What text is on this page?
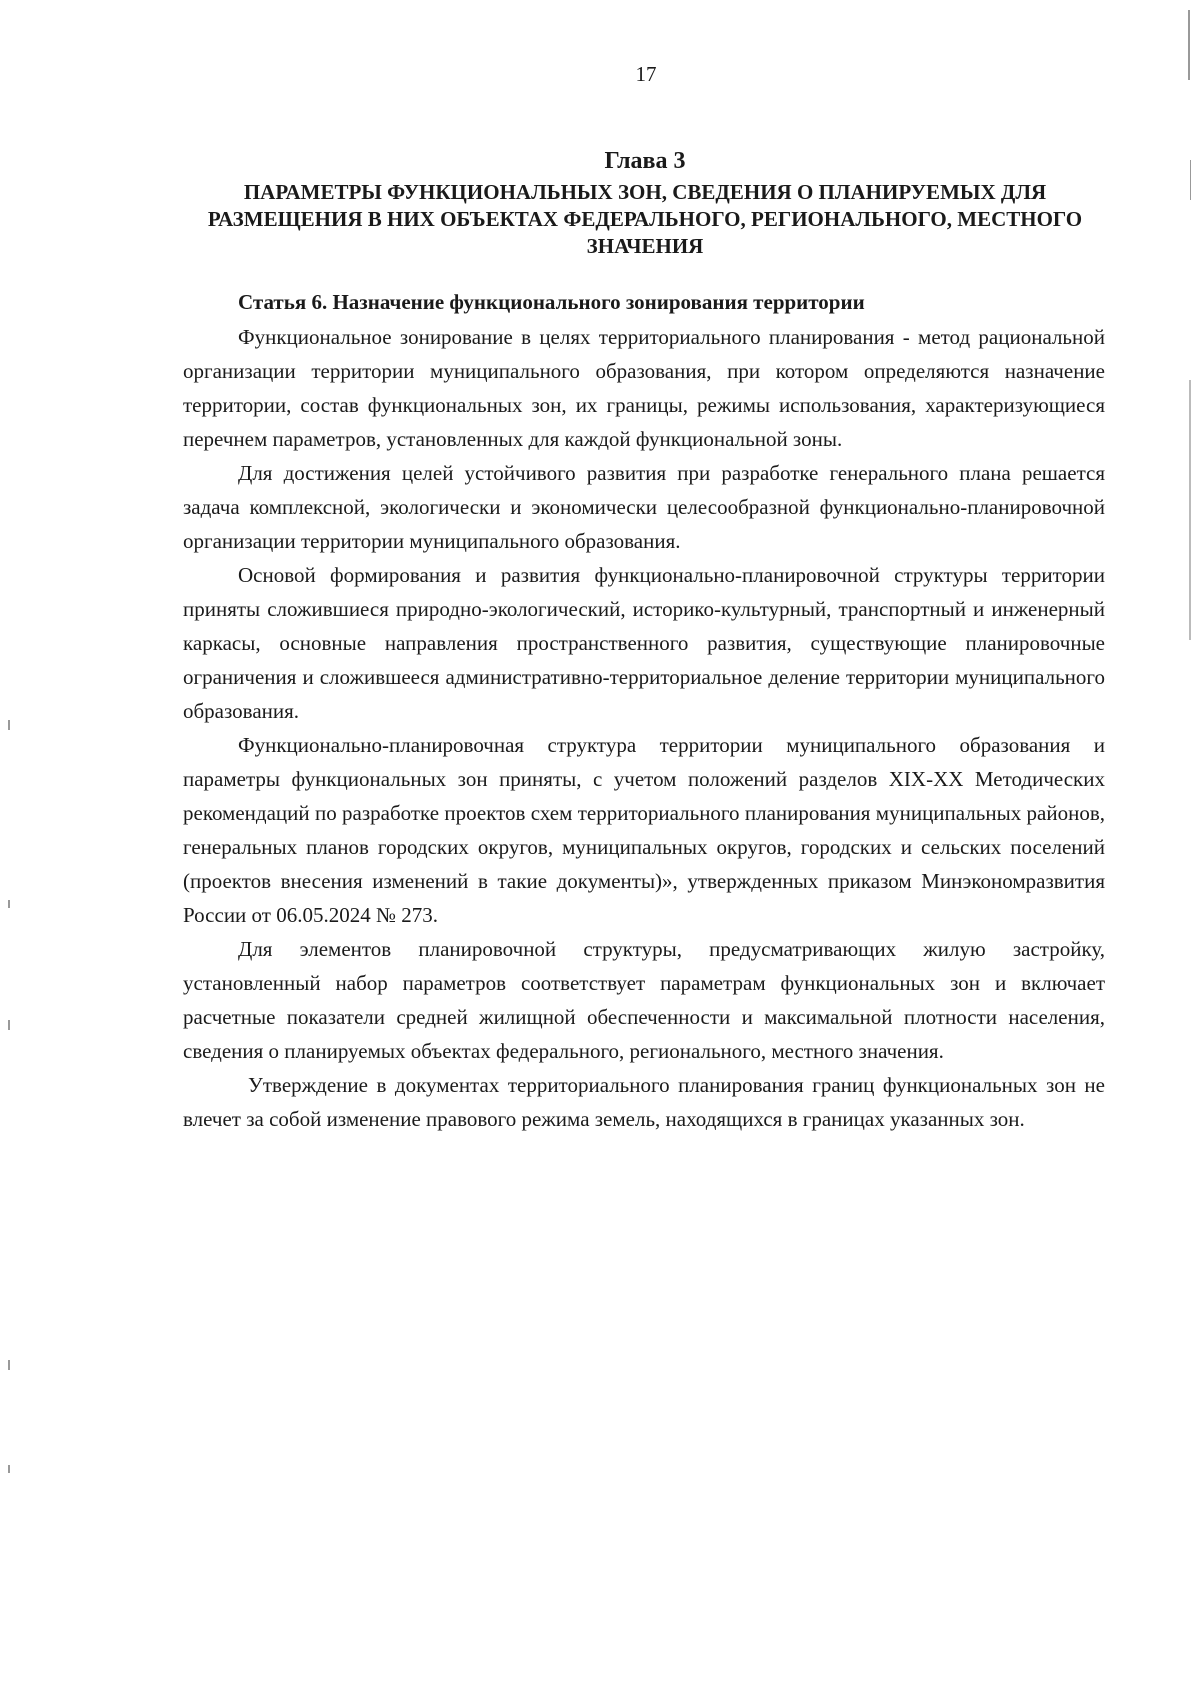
17
Глава 3
ПАРАМЕТРЫ ФУНКЦИОНАЛЬНЫХ ЗОН, СВЕДЕНИЯ О ПЛАНИРУЕМЫХ ДЛЯ РАЗМЕЩЕНИЯ В НИХ ОБЪЕКТАХ ФЕДЕРАЛЬНОГО, РЕГИОНАЛЬНОГО, МЕСТНОГО ЗНАЧЕНИЯ
Статья 6. Назначение функционального зонирования территории

Функциональное зонирование в целях территориального планирования - метод рациональной организации территории муниципального образования, при котором определяются назначение территории, состав функциональных зон, их границы, режимы использования, характеризующиеся перечнем параметров, установленных для каждой функциональной зоны.

Для достижения целей устойчивого развития при разработке генерального плана решается задача комплексной, экологически и экономически целесообразной функционально-планировочной организации территории муниципального образования.

Основой формирования и развития функционально-планировочной структуры территории приняты сложившиеся природно-экологический, историко-культурный, транспортный и инженерный каркасы, основные направления пространственного развития, существующие планировочные ограничения и сложившееся административно-территориальное деление территории муниципального образования.

Функционально-планировочная структура территории муниципального образования и параметры функциональных зон приняты, с учетом положений разделов XIX-XX Методических рекомендаций по разработке проектов схем территориального планирования муниципальных районов, генеральных планов городских округов, муниципальных округов, городских и сельских поселений (проектов внесения изменений в такие документы)», утвержденных приказом Минэкономразвития России от 06.05.2024 № 273.

Для элементов планировочной структуры, предусматривающих жилую застройку, установленный набор параметров соответствует параметрам функциональных зон и включает расчетные показатели средней жилищной обеспеченности и максимальной плотности населения, сведения о планируемых объектах федерального, регионального, местного значения.

Утверждение в документах территориального планирования границ функциональных зон не влечет за собой изменение правового режима земель, находящихся в границах указанных зон.
